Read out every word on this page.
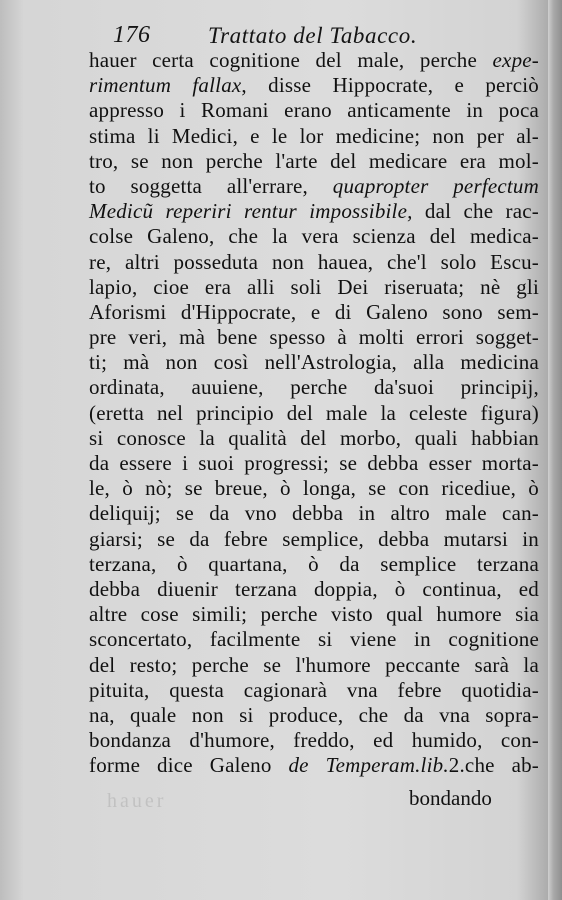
176	Trattato del Tabacco.
hauer certa cognitione del male, perche expe-
rimentum fallax, disse Hippocrate, e perciò
appresso i Romani erano anticamente in poca
stima li Medici, e le lor medicine; non per al-
tro, se non perche l'arte del medicare era mol-
to soggetta all'errare, quapropter perfectum
Medicũ reperiri rentur impossibile, dal che rac-
colse Galeno, che la vera scienza del medica-
re, altri posseduta non hauea, che'l solo Escu-
lapio, cioe era alli soli Dei riseruata; nè gli
Aforismi d'Hippocrate, e di Galeno sono sem-
pre veri, mà bene spesso à molti errori sogget-
ti; mà non così nell'Astrologia, alla medicina
ordinata, auuiene, perche da'suoi principij,
(eretta nel principio del male la celeste figura)
si conosce la qualità del morbo, quali habbian
da essere i suoi progressi; se debba esser morta-
le, ò nò; se breue, ò longa, se con ricediue, ò
deliquij; se da vno debba in altro male can-
giarsi; se da febre semplice, debba mutarsi in
terzana, ò quartana, ò da semplice terzana
debba diuenir terzana doppia, ò continua, ed
altre cose simili; perche visto qual humore sia
sconcertato, facilmente si viene in cognitione
del resto; perche se l'humore peccante sarà la
pituita, questa cagionarà vna febre quotidia-
na, quale non si produce, che da vna sopra-
bondanza d'humore, freddo, ed humido, con-
forme dice Galeno de Temperam.lib.2.che ab-
hauer	bondando
